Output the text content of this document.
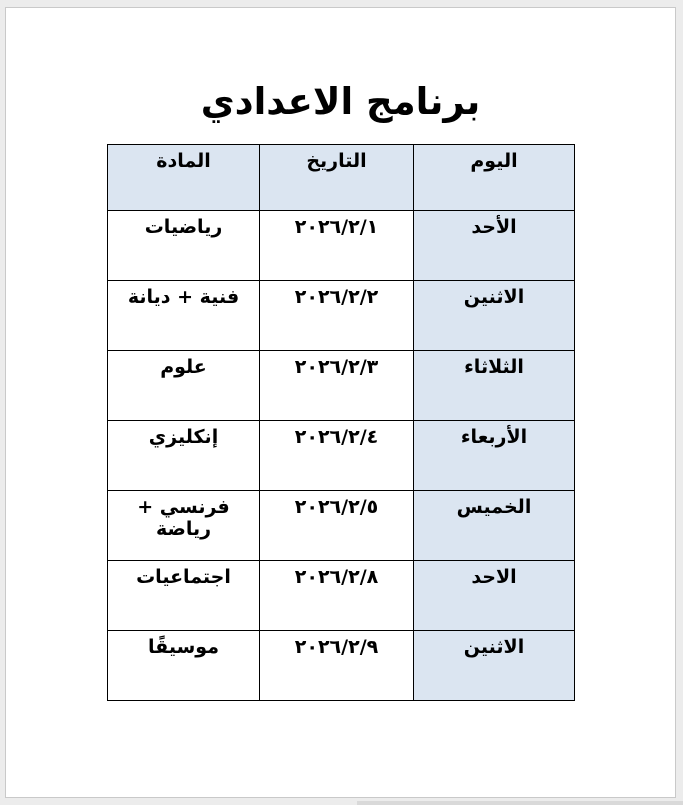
برنامج الاعدادي
اليوم	التاريخ	المادة
الأحد	٢٠٢٦/٢/١	رياضيات
الاثنين	٢٠٢٦/٢/٢	فنية + ديانة
الثلاثاء	٢٠٢٦/٢/٣	علوم
الأربعاء	٢٠٢٦/٢/٤	إنكليزي
الخميس	٢٠٢٦/٢/٥	فرنسي + رياضة
الاحد	٢٠٢٦/٢/٨	اجتماعيات
الاثنين	٢٠٢٦/٢/٩	موسيقًا
